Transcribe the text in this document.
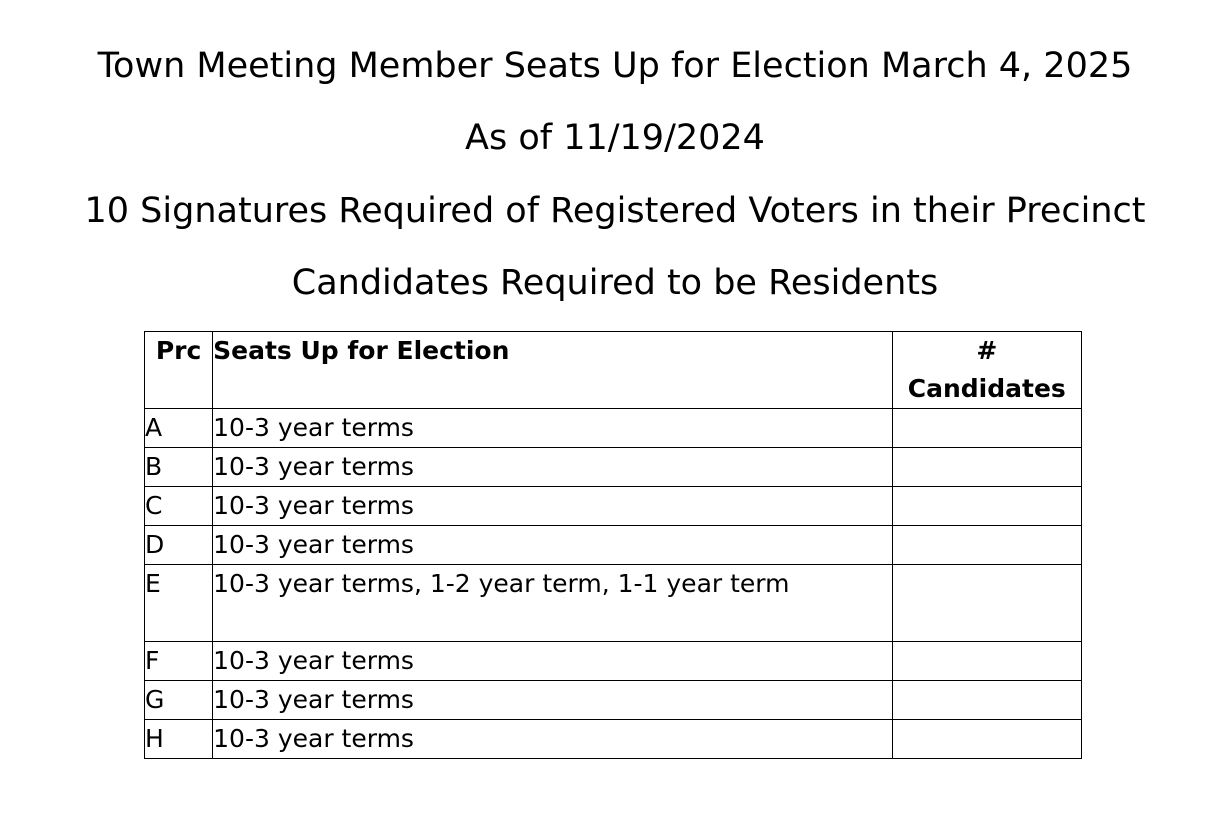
Town Meeting Member Seats Up for Election March 4, 2025
As of 11/19/2024
10 Signatures Required of Registered Voters in their Precinct
Candidates Required to be Residents
Prc	Seats Up for Election	#
Candidates

A	10-3 year terms	
B	10-3 year terms	
C	10-3 year terms	
D	10-3 year terms	
E	10-3 year terms, 1-2 year term, 1-1 year term	
F	10-3 year terms	
G	10-3 year terms	
H	10-3 year terms	
